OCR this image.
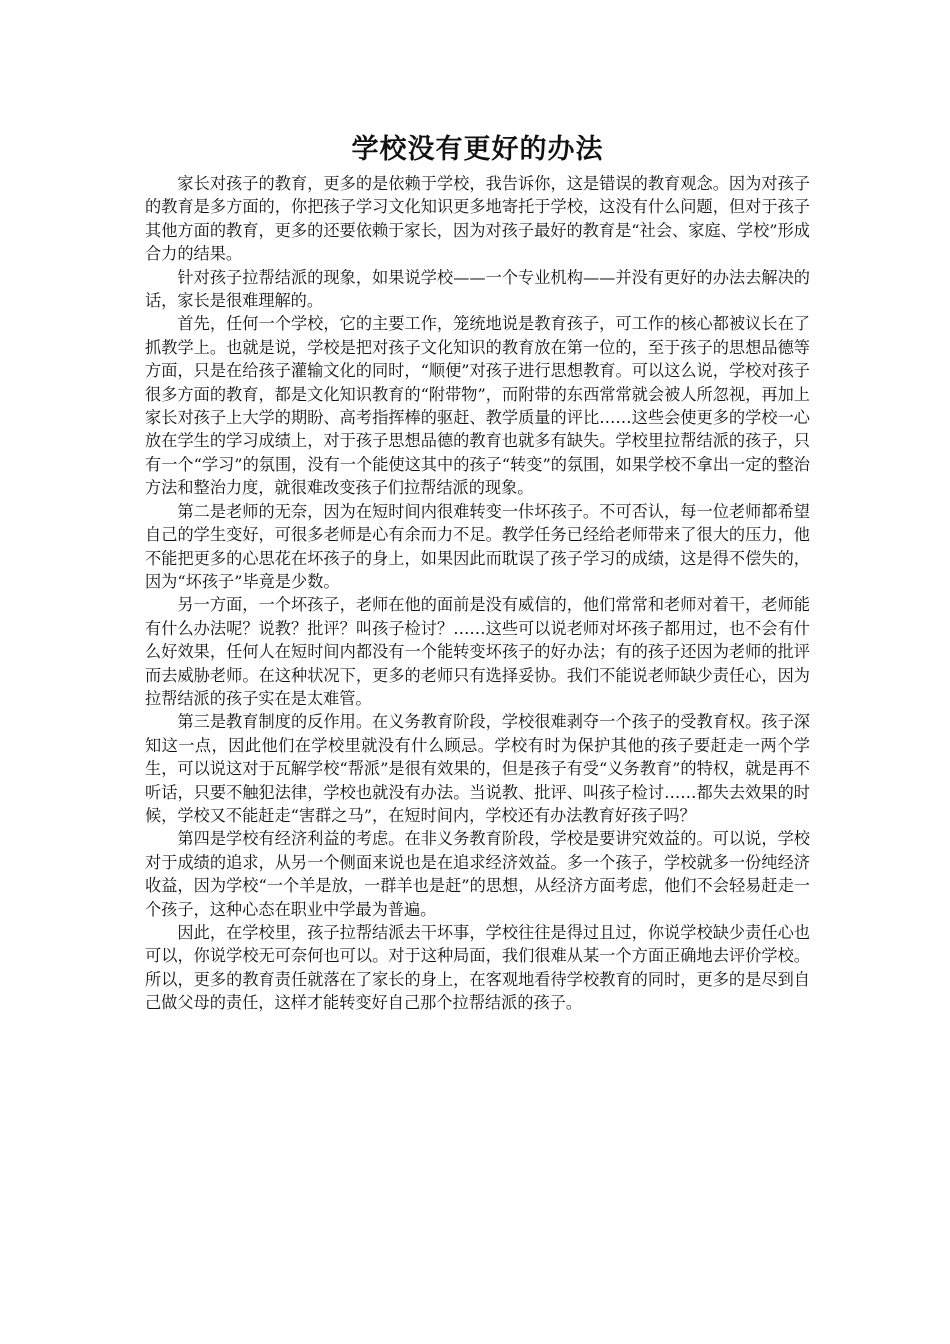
学校没有更好的办法

家长对孩子的教育，更多的是依赖于学校，我告诉你，这是错误的教育观念。因为对孩子的教育是多方面的，你把孩子学习文化知识更多地寄托于学校，这没有什么问题，但对于孩子其他方面的教育，更多的还要依赖于家长，因为对孩子最好的教育是“社会、家庭、学校”形成合力的结果。

针对孩子拉帮结派的现象，如果说学校——一个专业机构——并没有更好的办法去解决的话，家长是很难理解的。

首先，任何一个学校，它的主要工作，笼统地说是教育孩子，可工作的核心都被议长在了抓教学上。也就是说，学校是把对孩子文化知识的教育放在第一位的，至于孩子的思想品德等方面，只是在给孩子灌输文化的同时，“顺便”对孩子进行思想教育。可以这么说，学校对孩子很多方面的教育，都是文化知识教育的“附带物”，而附带的东西常常就会被人所忽视，再加上家长对孩子上大学的期盼、高考指挥棒的驱赶、教学质量的评比……这些会使更多的学校一心放在学生的学习成绩上，对于孩子思想品德的教育也就多有缺失。学校里拉帮结派的孩子，只有一个“学习”的氛围，没有一个能使这其中的孩子“转变”的氛围，如果学校不拿出一定的整治方法和整治力度，就很难改变孩子们拉帮结派的现象。

第二是老师的无奈，因为在短时间内很难转变一佧坏孩子。不可否认，每一位老师都希望自己的学生变好，可很多老师是心有余而力不足。教学任务已经给老师带来了很大的压力，他不能把更多的心思花在坏孩子的身上，如果因此而耽误了孩子学习的成绩，这是得不偿失的，因为“坏孩子”毕竟是少数。

另一方面，一个坏孩子，老师在他的面前是没有威信的，他们常常和老师对着干，老师能有什么办法呢？说教？批评？叫孩子检讨？……这些可以说老师对坏孩子都用过，也不会有什么好效果，任何人在短时间内都没有一个能转变坏孩子的好办法；有的孩子还因为老师的批评而去威胁老师。在这种状况下，更多的老师只有选择妥协。我们不能说老师缺少责任心，因为拉帮结派的孩子实在是太难管。

第三是教育制度的反作用。在义务教育阶段，学校很难剥夺一个孩子的受教育权。孩子深知这一点，因此他们在学校里就没有什么顾忌。学校有时为保护其他的孩子要赶走一两个学生，可以说这对于瓦解学校“帮派”是很有效果的，但是孩子有受“义务教育”的特权，就是再不听话，只要不触犯法律，学校也就没有办法。当说教、批评、叫孩子检讨……都失去效果的时候，学校又不能赶走“害群之马”，在短时间内，学校还有办法教育好孩子吗？

第四是学校有经济利益的考虑。在非义务教育阶段，学校是要讲究效益的。可以说，学校对于成绩的追求，从另一个侧面来说也是在追求经济效益。多一个孩子，学校就多一份纯经济收益，因为学校“一个羊是放，一群羊也是赶”的思想，从经济方面考虑，他们不会轻易赶走一个孩子，这种心态在职业中学最为普遍。

因此，在学校里，孩子拉帮结派去干坏事，学校往往是得过且过，你说学校缺少责任心也可以，你说学校无可奈何也可以。对于这种局面，我们很难从某一个方面正确地去评价学校。所以，更多的教育责任就落在了家长的身上，在客观地看待学校教育的同时，更多的是尽到自己做父母的责任，这样才能转变好自己那个拉帮结派的孩子。
